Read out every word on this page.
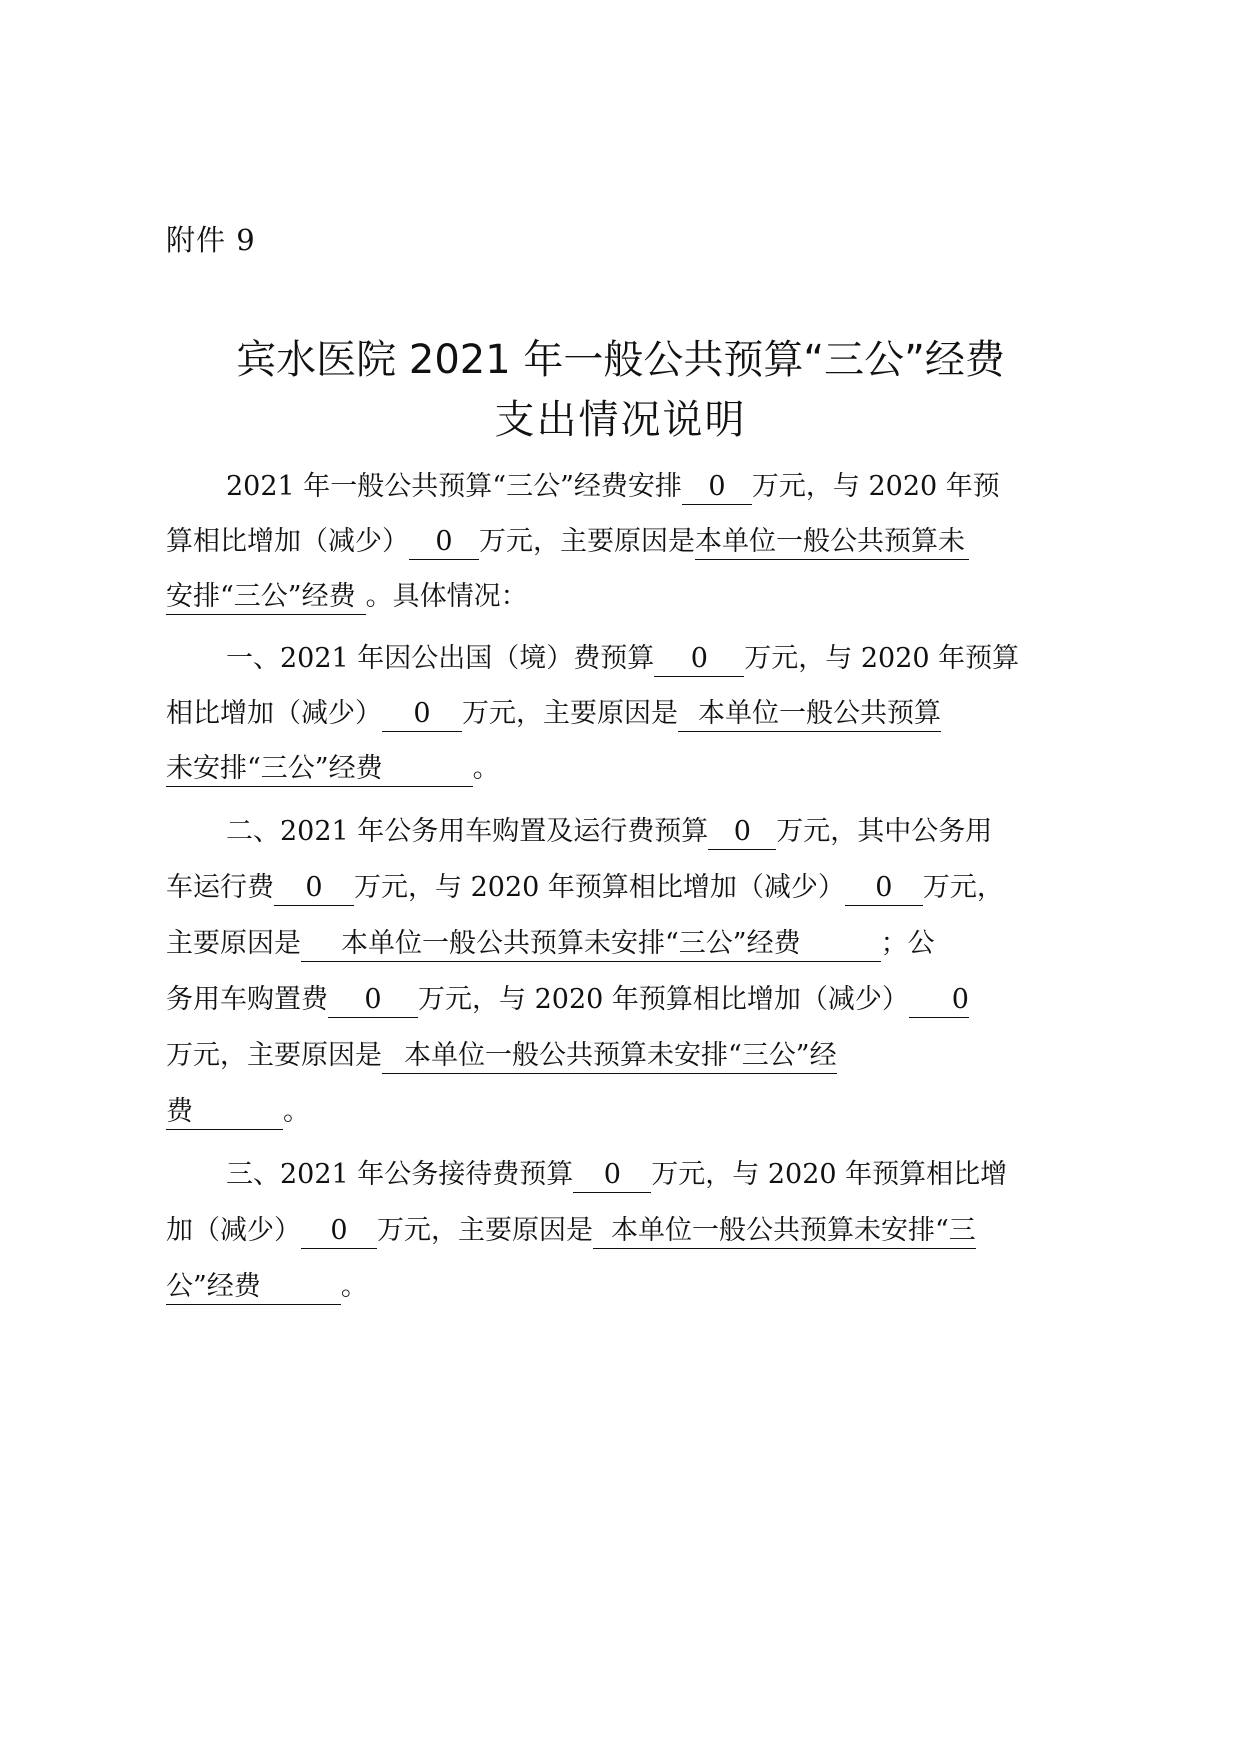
附件 9
宾水医院 2021 年一般公共预算“三公”经费
支出情况说明
2021 年一般公共预算“三公”经费安排 0 万元，与 2020 年预
算相比增加（减少） 0 万元，主要原因是本单位一般公共预算未
安排“三公”经费 。具体情况：
一、2021 年因公出国（境）费预算 0 万元，与 2020 年预算
相比增加（减少） 0 万元，主要原因是 本单位一般公共预算
未安排“三公”经费	。
二、2021 年公务用车购置及运行费预算 0 万元，其中公务用
车运行费 0 万元，与 2020 年预算相比增加（减少） 0 万元，
主要原因是 本单位一般公共预算未安排“三公”经费	；公
务用车购置费 0 万元，与 2020 年预算相比增加（减少） 0
万元，主要原因是 本单位一般公共预算未安排“三公”经
费	。
三、2021 年公务接待费预算 0 万元，与 2020 年预算相比增
加（减少） 0 万元，主要原因是 本单位一般公共预算未安排“三
公”经费	。
